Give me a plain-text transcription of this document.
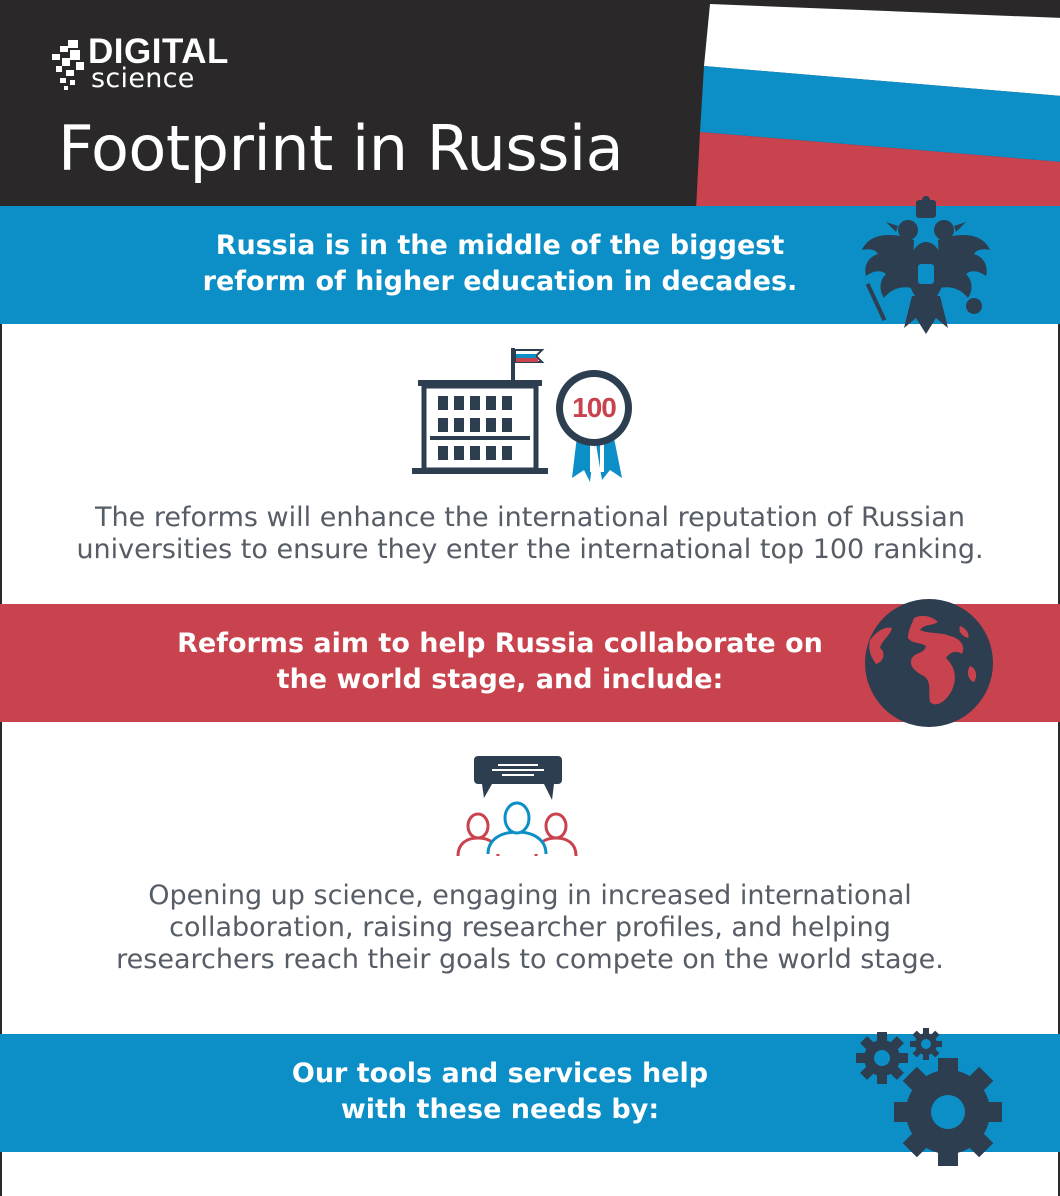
DIGITAL
science
Footprint in Russia
Russia is in the middle of the biggest
reform of higher education in decades.
100
The reforms will enhance the international reputation of Russian
universities to ensure they enter the international top 100 ranking.
Reforms aim to help Russia collaborate on
the world stage, and include:
Opening up science, engaging in increased international
collaboration, raising researcher profiles, and helping
researchers reach their goals to compete on the world stage.
Our tools and services help
with these needs by:
